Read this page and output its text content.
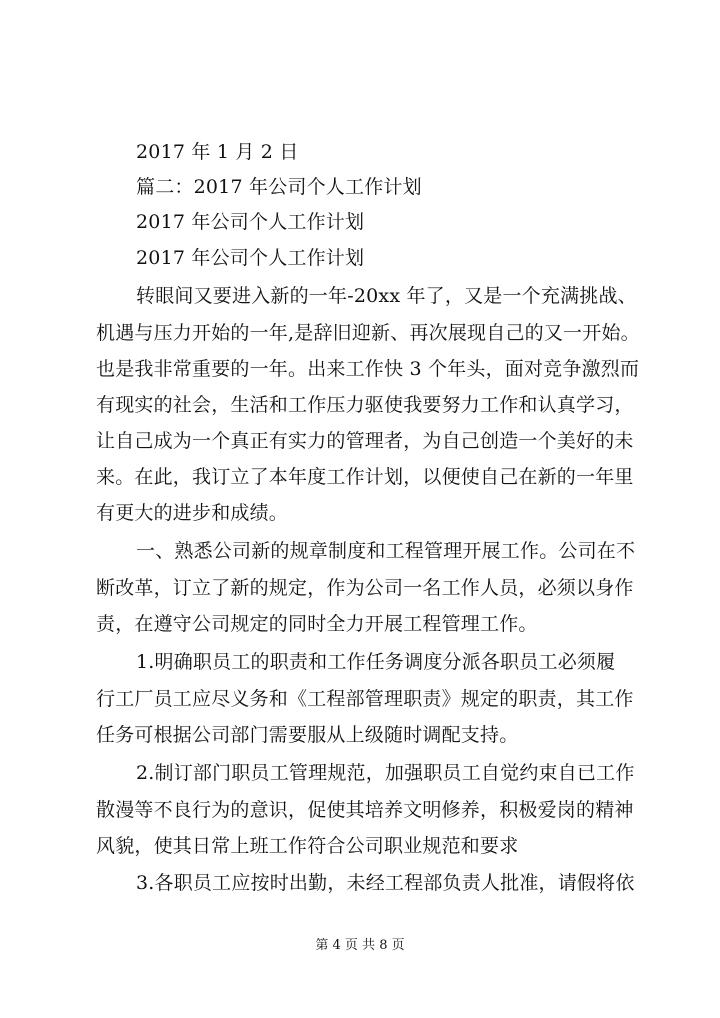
2017 年 1 月 2 日
篇二：2017 年公司个人工作计划
2017 年公司个人工作计划
2017 年公司个人工作计划
转眼间又要进入新的一年-20xx 年了，又是一个充满挑战、
机遇与压力开始的一年,是辞旧迎新、再次展现自己的又一开始。
也是我非常重要的一年。出来工作快 3 个年头，面对竞争激烈而
有现实的社会，生活和工作压力驱使我要努力工作和认真学习，
让自己成为一个真正有实力的管理者，为自己创造一个美好的未
来。在此，我订立了本年度工作计划，以便使自己在新的一年里
有更大的进步和成绩。
一、熟悉公司新的规章制度和工程管理开展工作。公司在不
断改革，订立了新的规定，作为公司一名工作人员，必须以身作
责，在遵守公司规定的同时全力开展工程管理工作。
1.明确职员工的职责和工作任务调度分派各职员工必须履
行工厂员工应尽义务和《工程部管理职责》规定的职责，其工作
任务可根据公司部门需要服从上级随时调配支持。
2.制订部门职员工管理规范，加强职员工自觉约束自已工作
散漫等不良行为的意识，促使其培养文明修养，积极爱岗的精神
风貌，使其日常上班工作符合公司职业规范和要求
3.各职员工应按时出勤，未经工程部负责人批准，请假将依
第 4 页 共 8 页
